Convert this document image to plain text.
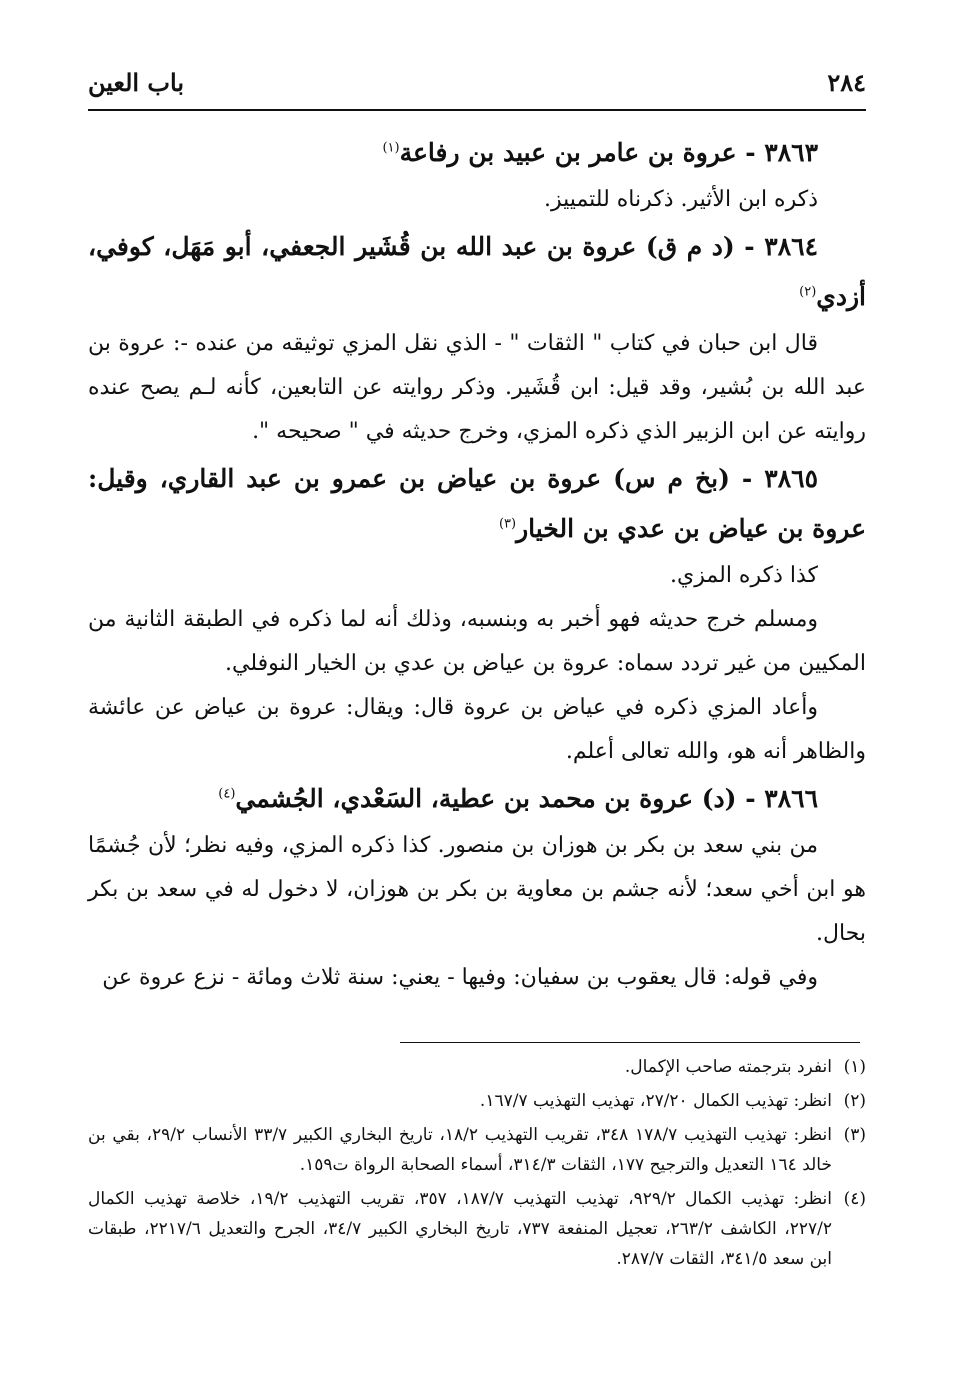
٢٨٤
باب العين

٣٨٦٣ - عروة بن عامر بن عبيد بن رفاعة$^{(١)}$

ذكره ابن الأثير. ذكرناه للتمييز.

٣٨٦٤ - (د م ق) عروة بن عبد الله بن قُشَير الجعفي، أبو مَهَل، كوفي، أزدي$^{(٢)}$

قال ابن حبان في كتاب " الثقات " - الذي نقل المزي توثيقه من عنده -: عروة بن عبد الله بن بُشير، وقد قيل: ابن قُشَير. وذكر روايته عن التابعين، كأنه لـم يصح عنده روايته عن ابن الزبير الذي ذكره المزي، وخرج حديثه في " صحيحه ".

٣٨٦٥ - (بخ م س) عروة بن عياض بن عمرو بن عبد القاري، وقيل: عروة بن عياض بن عدي بن الخيار$^{(٣)}$

كذا ذكره المزي.

ومسلم خرج حديثه فهو أخبر به وبنسبه، وذلك أنه لما ذكره في الطبقة الثانية من المكيين من غير تردد سماه: عروة بن عياض بن عدي بن الخيار النوفلي.

وأعاد المزي ذكره في عياض بن عروة قال: ويقال: عروة بن عياض عن عائشة والظاهر أنه هو، والله تعالى أعلم.

٣٨٦٦ - (د) عروة بن محمد بن عطية، السَعْدي، الجُشمي$^{(٤)}$

من بني سعد بن بكر بن هوزان بن منصور. كذا ذكره المزي، وفيه نظر؛ لأن جُشمًا هو ابن أخي سعد؛ لأنه جشم بن معاوية بن بكر بن هوزان، لا دخول له في سعد بن بكر بحال.

وفي قوله: قال يعقوب بن سفيان: وفيها - يعني: سنة ثلاث ومائة - نزع عروة عن

(١)
انفرد بترجمته صاحب الإكمال.

(٢)
انظر: تهذيب الكمال ٢٧/٢٠، تهذيب التهذيب ١٦٧/٧.

(٣)
انظر: تهذيب التهذيب ١٧٨/٧ ٣٤٨، تقريب التهذيب ١٨/٢، تاريخ البخاري الكبير ٣٣/٧ الأنساب ٢٩/٢، بقي بن خالد ١٦٤ التعديل والترجيح ١٧٧، الثقات ٣١٤/٣، أسماء الصحابة الرواة ت١٥٩.

(٤)
انظر: تهذيب الكمال ٩٢٩/٢، تهذيب التهذيب ١٨٧/٧، ٣٥٧، تقريب التهذيب ١٩/٢، خلاصة تهذيب الكمال ٢٢٧/٢، الكاشف ٢٦٣/٢، تعجيل المنفعة ٧٣٧، تاريخ البخاري الكبير ٣٤/٧، الجرح والتعديل ٢٢١٧/٦، طبقات ابن سعد ٣٤١/٥، الثقات ٢٨٧/٧.
